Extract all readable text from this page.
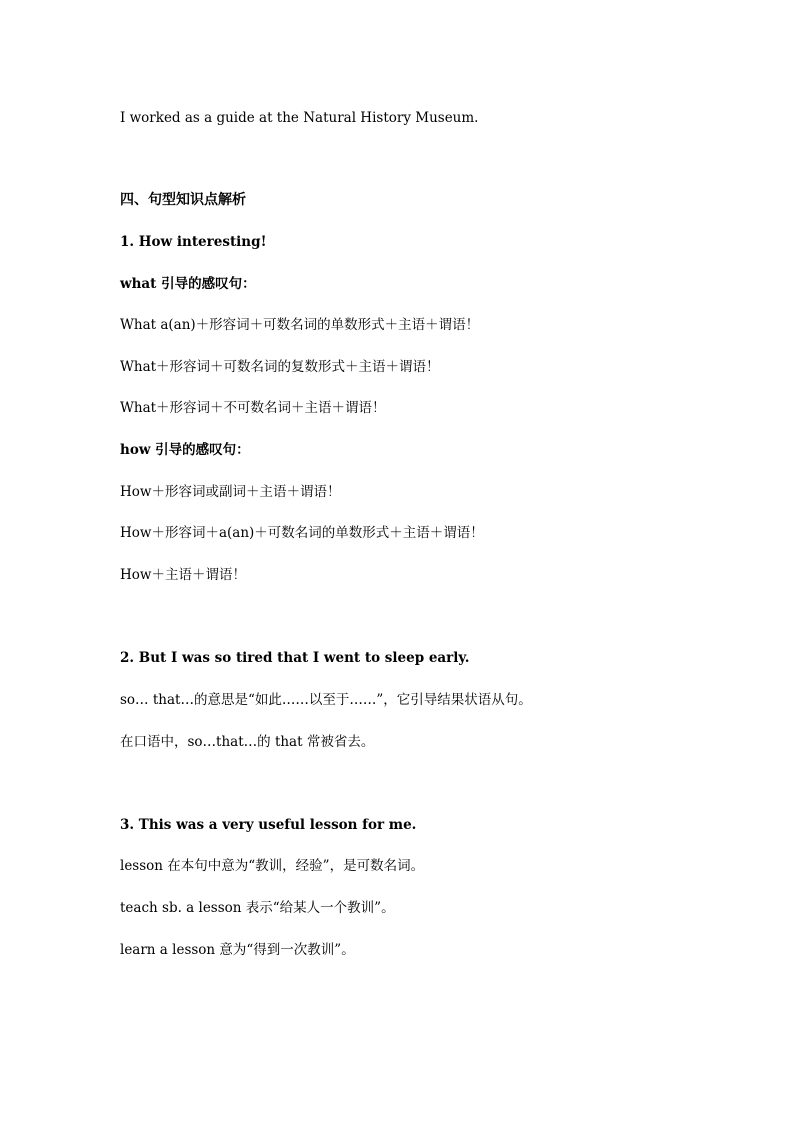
I worked as a guide at the Natural History Museum.
四、句型知识点解析
1. How interesting!
what 引导的感叹句：
What a(an)＋形容词＋可数名词的单数形式＋主语＋谓语！
What＋形容词＋可数名词的复数形式＋主语＋谓语！
What＋形容词＋不可数名词＋主语＋谓语！
how 引导的感叹句：
How＋形容词或副词＋主语＋谓语！
How＋形容词＋a(an)＋可数名词的单数形式＋主语＋谓语！
How＋主语＋谓语！
2. But I was so tired that I went to sleep early.
so… that…的意思是“如此……以至于……”，它引导结果状语从句。
在口语中，so…that…的 that 常被省去。
3. This was a very useful lesson for me.
lesson 在本句中意为“教训，经验”，是可数名词。
teach sb. a lesson 表示“给某人一个教训”。
learn a lesson 意为“得到一次教训”。
